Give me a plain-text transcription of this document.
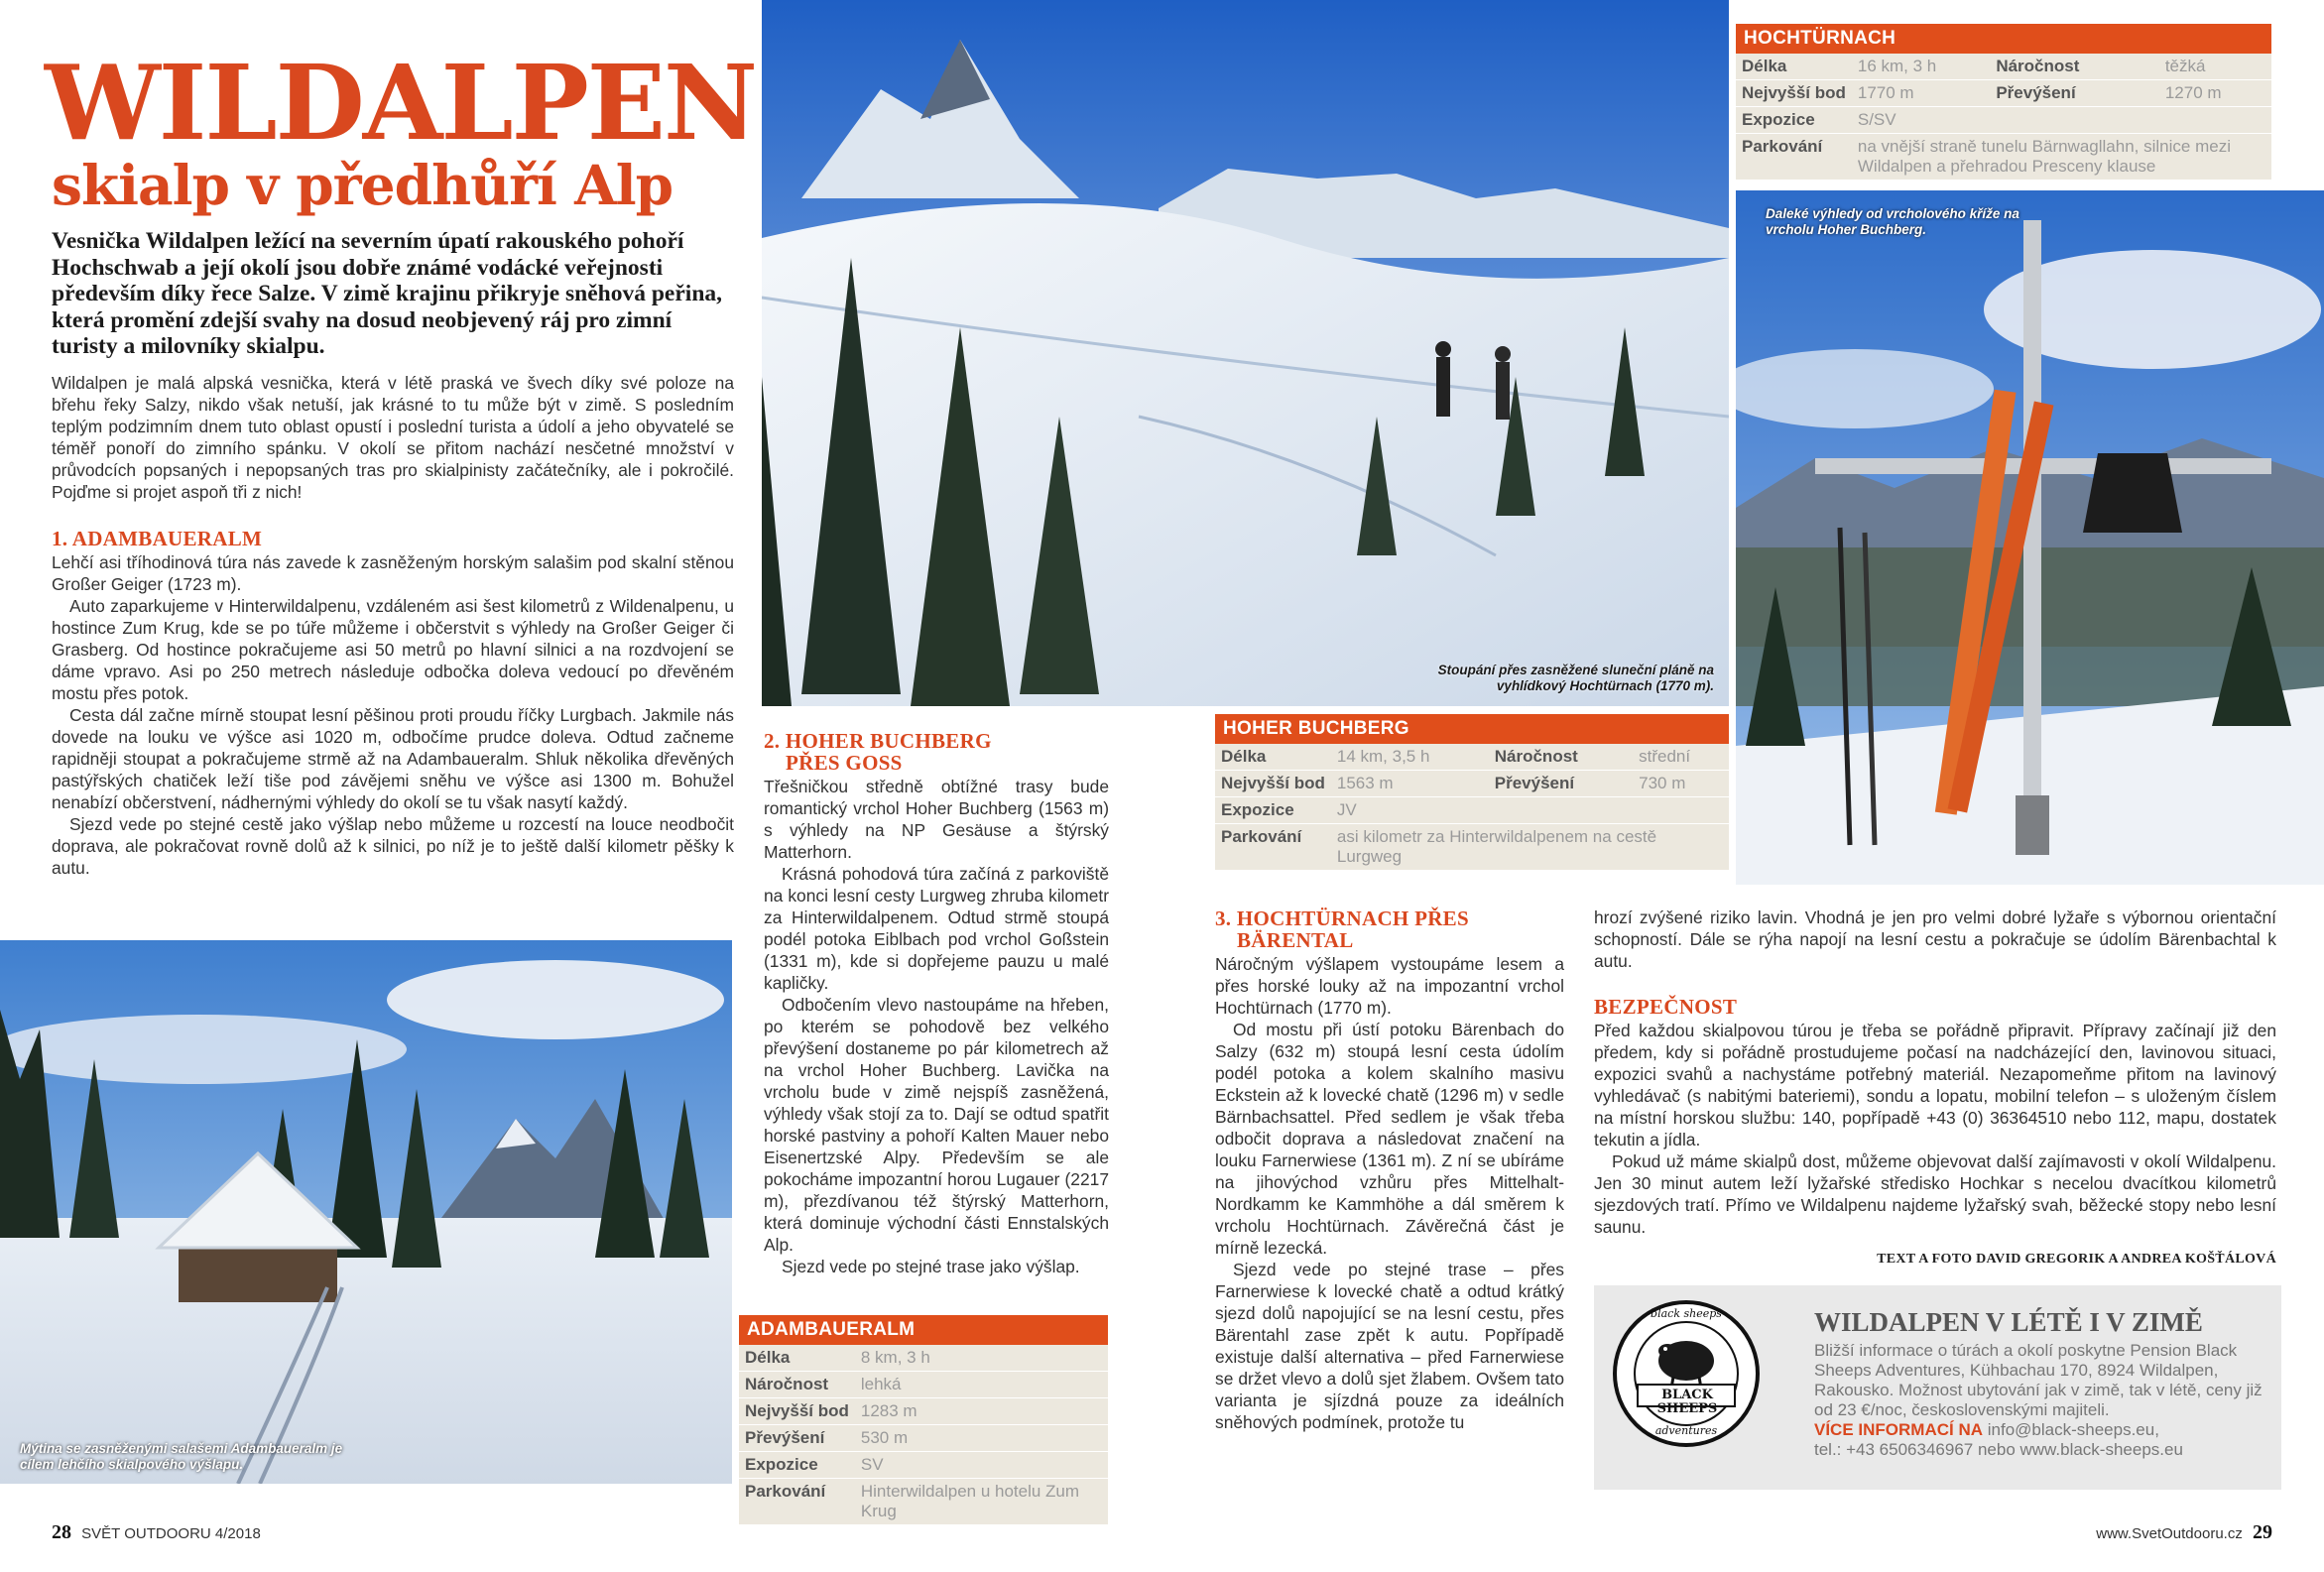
WILDALPEN
skialp v předhůří Alp
Vesnička Wildalpen ležící na severním úpatí rakouského pohoří Hochschwab a její okolí jsou dobře známé vodácké veřejnosti především díky řece Salze. V zimě krajinu přikryje sněhová peřina, která promění zdejší svahy na dosud neobjevený ráj pro zimní turisty a milovníky skialpu.

Wildalpen je malá alpská vesnička, která v létě praská ve švech díky své poloze na břehu řeky Salzy, nikdo však netuší, jak krásné to tu může být v zimě. S posledním teplým podzimním dnem tuto oblast opustí i poslední turista a údolí a jeho obyvatelé se téměř ponoří do zimního spánku. V okolí se přitom nachází nesčetné množství v průvodcích popsaných i nepopsaných tras pro skialpinisty začátečníky, ale i pokročilé. Pojďme si projet aspoň tři z nich!

1. ADAMBAUERALM

Lehčí asi tříhodinová túra nás zavede k zasněženým horským salašim pod skalní stěnou Großer Geiger (1723 m).

Auto zaparkujeme v Hinterwildalpenu, vzdáleném asi šest kilometrů z Wildenalpenu, u hostince Zum Krug, kde se po túře můžeme i občerstvit s výhledy na Großer Geiger či Grasberg. Od hostince pokračujeme asi 50 metrů po hlavní silnici a na rozdvojení se dáme vpravo. Asi po 250 metrech následuje odbočka doleva vedoucí po dřevěném mostu přes potok.

Cesta dál začne mírně stoupat lesní pěšinou proti proudu říčky Lurgbach. Jakmile nás dovede na louku ve výšce asi 1020 m, odbočíme prudce doleva. Odtud začneme rapidněji stoupat a pokračujeme strmě až na Adambaueralm. Shluk několika dřevěných pastýřských chatiček leží tiše pod závějemi sněhu ve výšce asi 1300 m. Bohužel nenabízí občerstvení, nádhernými výhledy do okolí se tu však nasytí každý.

Sjezd vede po stejné cestě jako výšlap nebo můžeme u rozcestí na louce neodbočit doprava, ale pokračovat rovně dolů až k silnici, po níž je to ještě další kilometr pěšky k autu.

Mýtina se zasněženými salašemi Adambaueralm je cílem lehčího skialpového výšlapu.
Stoupání přes zasněžené sluneční pláně na vyhlídkový Hochtürnach (1770 m).
2. HOHER BUCHBERG
PŘES GOSS

Třešničkou středně obtížné trasy bude romantický vrchol Hoher Buchberg (1563 m) s výhledy na NP Gesäuse a štýrský Matterhorn.

Krásná pohodová túra začíná z parkoviště na konci lesní cesty Lurgweg zhruba kilometr za Hinterwildalpenem. Odtud strmě stoupá podél potoka Eiblbach pod vrchol Goßstein (1331 m), kde si dopřejeme pauzu u malé kapličky.

Odbočením vlevo nastoupáme na hřeben, po kterém se pohodově bez velkého převýšení dostaneme po pár kilometrech až na vrchol Hoher Buchberg. Lavička na vrcholu bude v zimě nejspíš zasněžená, výhledy však stojí za to. Dají se odtud spatřit horské pastviny a pohoří Kalten Mauer nebo Eisenertzské Alpy. Především se ale pokocháme impozantní horou Lugauer (2217 m), přezdívanou též štýrský Matterhorn, která dominuje východní části Ennstalských Alp.

Sjezd vede po stejné trase jako výšlap.

ADAMBAUERALM
Délka	8 km, 3 h
Náročnost	lehká
Nejvyšší bod	1283 m
Převýšení	530 m
Expozice	SV
Parkování	Hinterwildalpen u hotelu Zum Krug
HOHER BUCHBERG
Délka	14 km, 3,5 h	Náročnost	střední
Nejvyšší bod	1563 m	Převýšení	730 m
Expozice	JV		
Parkování	asi kilometr za Hinterwildalpenem na cestě Lurgweg		
3. HOCHTÜRNACH PŘES
BÄRENTAL

Náročným výšlapem vystoupáme lesem a přes horské louky až na impozantní vrchol Hochtürnach (1770 m).

Od mostu při ústí potoku Bärenbach do Salzy (632 m) stoupá lesní cesta údolím podél potoka a kolem skalního masivu Eckstein až k lovecké chatě (1296 m) v sedle Bärnbachsattel. Před sedlem je však třeba odbočit doprava a následovat značení na louku Farnerwiese (1361 m). Z ní se ubíráme na jihovýchod vzhůru přes Mittelhalt-Nordkamm ke Kammhöhe a dál směrem k vrcholu Hochtürnach. Závěrečná část je mírně lezecká.

Sjezd vede po stejné trase – přes Farnerwiese k lovecké chatě a odtud krátký sjezd dolů napojující se na lesní cestu, přes Bärentahl zase zpět k autu. Popřípadě existuje další alternativa – před Farnerwiese se držet vlevo a dolů sjet žlabem. Ovšem tato varianta je sjízdná pouze za ideálních sněhových podmínek, protože tu

HOCHTÜRNACH
Délka	16 km, 3 h	Náročnost	těžká
Nejvyšší bod	1770 m	Převýšení	1270 m
Expozice	S/SV		
Parkování	na vnější straně tunelu Bärnwagllahn, silnice mezi Wildalpen a přehradou Presceny klause		
Daleké výhledy od vrcholového kříže na vrcholu Hoher Buchberg.

hrozí zvýšené riziko lavin. Vhodná je jen pro velmi dobré lyžaře s výbornou orientační schopností. Dále se rýha napojí na lesní cestu a pokračuje se údolím Bärenbachtal k autu.

BEZPEČNOST

Před každou skialpovou túrou je třeba se pořádně připravit. Přípravy začínají již den předem, kdy si pořádně prostudujeme počasí na nadcházející den, lavinovou situaci, expozici svahů a nachystáme potřebný materiál. Nezapomeňme přitom na lavinový vyhledávač (s nabitými bateriemi), sondu a lopatu, mobilní telefon – s uloženým číslem na místní horskou službu: 140, popřípadě +43 (0) 36364510 nebo 112, mapu, dostatek tekutin a jídla.

Pokud už máme skialpů dost, můžeme objevovat další zajímavosti v okolí Wildalpenu. Jen 30 minut autem leží lyžařské středisko Hochkar s necelou dvacítkou kilometrů sjezdových tratí. Přímo ve Wildalpenu najdeme lyžařský svah, běžecké stopy nebo lesní saunu.

TEXT A FOTO DAVID GREGORIK A ANDREA KOŠŤÁLOVÁ
BLACK SHEEPS
black sheeps
adventures
WILDALPEN V LÉTĚ I V ZIMĚ

Bližší informace o túrách a okolí poskytne Pension Black Sheeps Adventures, Kühbachau 170, 8924 Wildalpen, Rakousko. Možnost ubytování jak v zimě, tak v létě, ceny již od 23 €/noc, československými majiteli.

VÍCE INFORMACÍ NA info@black-sheeps.eu,

tel.: +43 6506346967 nebo www.black-sheeps.eu

28 SVĚT OUTDOORU 4/2018	www.SvetOutdooru.cz 29
